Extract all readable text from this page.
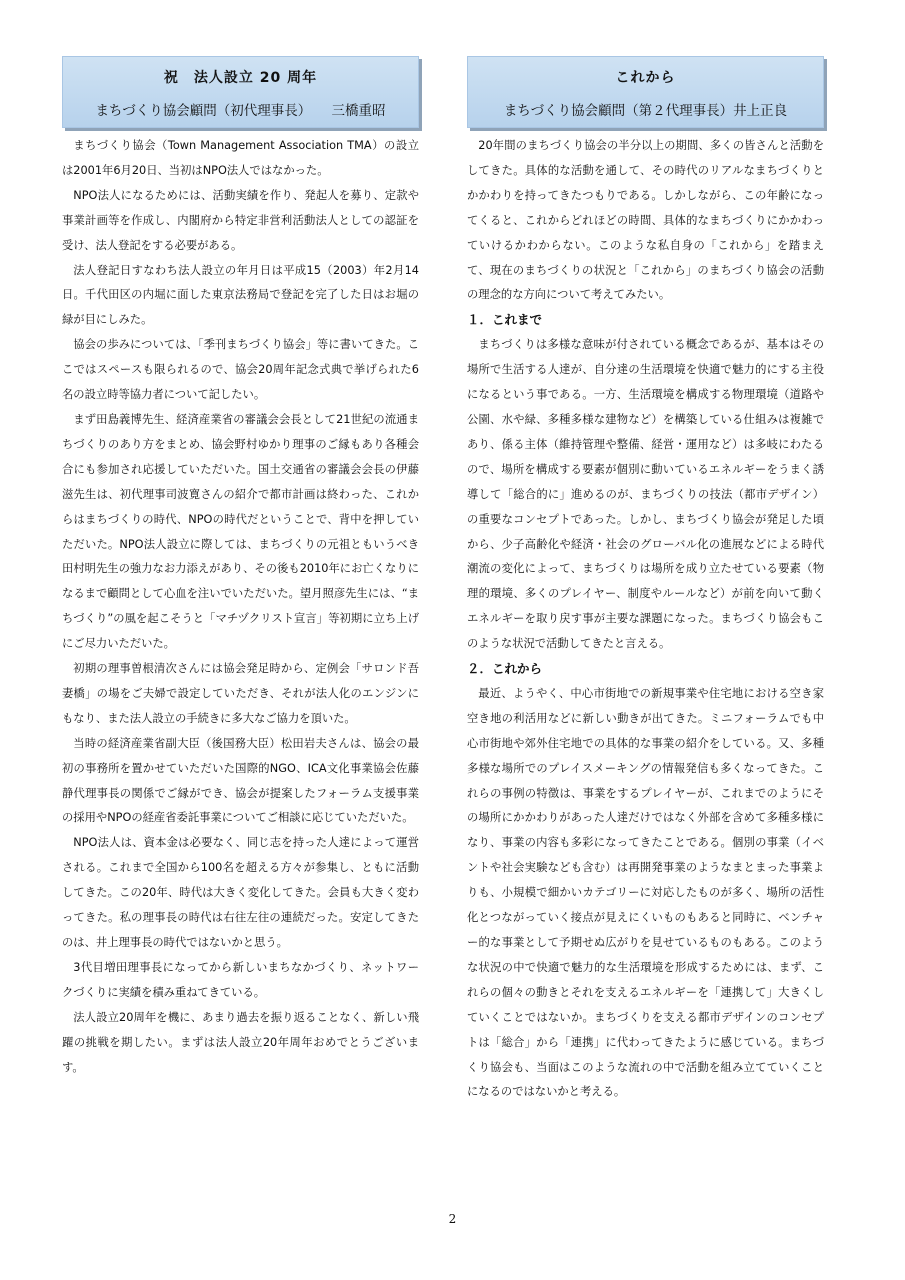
祝　法人設立 20 周年
まちづくり協会顧問（初代理事長）　　三橋重昭

まちづくり協会（Town Management Association TMA）の設立は2001年6月20日、当初はNPO法人ではなかった。

NPO法人になるためには、活動実績を作り、発起人を募り、定款や事業計画等を作成し、内閣府から特定非営利活動法人としての認証を受け、法人登記をする必要がある。

法人登記日すなわち法人設立の年月日は平成15（2003）年2月14日。千代田区の内堀に面した東京法務局で登記を完了した日はお堀の緑が目にしみた。

協会の歩みについては、「季刊まちづくり協会」等に書いてきた。ここではスペースも限られるので、協会20周年記念式典で挙げられた6名の設立時等協力者について記したい。

まず田島義博先生、経済産業省の審議会会長として21世紀の流通まちづくりのあり方をまとめ、協会野村ゆかり理事のご縁もあり各種会合にも参加され応援していただいた。国土交通省の審議会会長の伊藤滋先生は、初代理事司波寛さんの紹介で都市計画は終わった、これからはまちづくりの時代、NPOの時代だということで、背中を押していただいた。NPO法人設立に際しては、まちづくりの元祖ともいうべき田村明先生の強力なお力添えがあり、その後も2010年にお亡くなりになるまで顧問として心血を注いでいただいた。望月照彦先生には、“まちづくり”の風を起こそうと「マチヅクリスト宣言」等初期に立ち上げにご尽力いただいた。

初期の理事曽根清次さんには協会発足時から、定例会「サロンド吾妻橋」の場をご夫婦で設定していただき、それが法人化のエンジンにもなり、また法人設立の手続きに多大なご協力を頂いた。

当時の経済産業省副大臣（後国務大臣）松田岩夫さんは、協会の最初の事務所を置かせていただいた国際的NGO、ICA文化事業協会佐藤静代理事長の関係でご縁ができ、協会が提案したフォーラム支援事業の採用やNPOの経産省委託事業についてご相談に応じていただいた。

NPO法人は、資本金は必要なく、同じ志を持った人達によって運営される。これまで全国から100名を超える方々が参集し、ともに活動してきた。この20年、時代は大きく変化してきた。会員も大きく変わってきた。私の理事長の時代は右往左往の連続だった。安定してきたのは、井上理事長の時代ではないかと思う。

3代目増田理事長になってから新しいまちなかづくり、ネットワークづくりに実績を積み重ねてきている。

法人設立20周年を機に、あまり過去を振り返ることなく、新しい飛躍の挑戦を期したい。まずは法人設立20年周年おめでとうございます。

これから
まちづくり協会顧問（第２代理事長）井上正良

20年間のまちづくり協会の半分以上の期間、多くの皆さんと活動をしてきた。具体的な活動を通して、その時代のリアルなまちづくりとかかわりを持ってきたつもりである。しかしながら、この年齢になってくると、これからどれほどの時間、具体的なまちづくりにかかわっていけるかわからない。このような私自身の「これから」を踏まえて、現在のまちづくりの状況と「これから」のまちづくり協会の活動の理念的な方向について考えてみたい。

１．これまで

まちづくりは多様な意味が付されている概念であるが、基本はその場所で生活する人達が、自分達の生活環境を快適で魅力的にする主役になるという事である。一方、生活環境を構成する物理環境（道路や公園、水や緑、多種多様な建物など）を構築している仕組みは複雑であり、係る主体（維持管理や整備、経営・運用など）は多岐にわたるので、場所を構成する要素が個別に動いているエネルギーをうまく誘導して「総合的に」進めるのが、まちづくりの技法（都市デザイン）の重要なコンセプトであった。しかし、まちづくり協会が発足した頃から、少子高齢化や経済・社会のグローバル化の進展などによる時代潮流の変化によって、まちづくりは場所を成り立たせている要素（物理的環境、多くのプレイヤー、制度やルールなど）が前を向いて動くエネルギーを取り戻す事が主要な課題になった。まちづくり協会もこのような状況で活動してきたと言える。

２．これから

最近、ようやく、中心市街地での新規事業や住宅地における空き家空き地の利活用などに新しい動きが出てきた。ミニフォーラムでも中心市街地や郊外住宅地での具体的な事業の紹介をしている。又、多種多様な場所でのプレイスメーキングの情報発信も多くなってきた。これらの事例の特徴は、事業をするプレイヤーが、これまでのようにその場所にかかわりがあった人達だけではなく外部を含めて多種多様になり、事業の内容も多彩になってきたことである。個別の事業（イベントや社会実験なども含む）は再開発事業のようなまとまった事業よりも、小規模で細かいカテゴリーに対応したものが多く、場所の活性化とつながっていく接点が見えにくいものもあると同時に、ベンチャー的な事業として予期せぬ広がりを見せているものもある。このような状況の中で快適で魅力的な生活環境を形成するためには、まず、これらの個々の動きとそれを支えるエネルギーを「連携して」大きくしていくことではないか。まちづくりを支える都市デザインのコンセプトは「総合」から「連携」に代わってきたように感じている。まちづくり協会も、当面はこのような流れの中で活動を組み立てていくことになるのではないかと考える。

2
